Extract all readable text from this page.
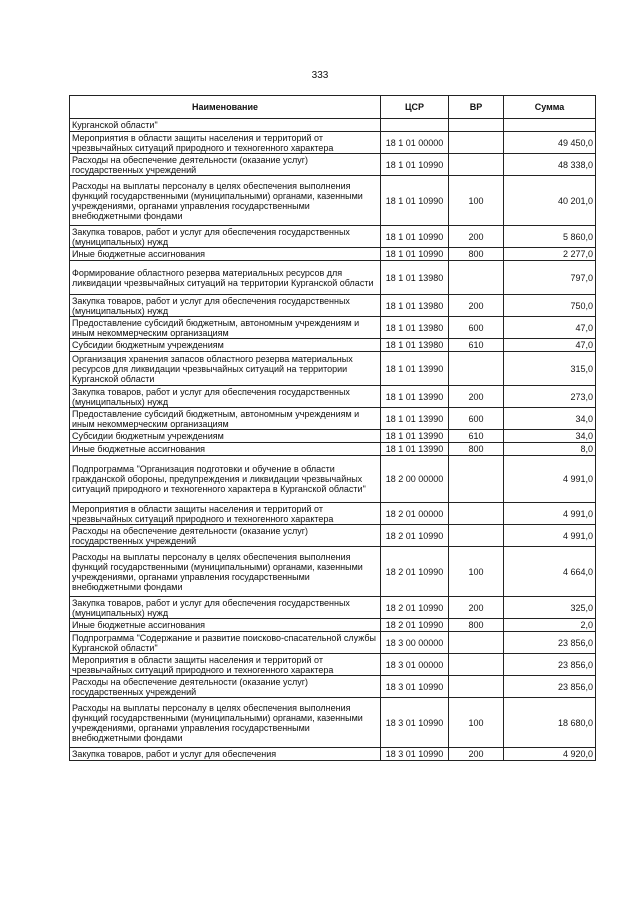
333
Наименование	ЦСР	ВР	Сумма
Курганской области"			
Мероприятия в области защиты населения и территорий от чрезвычайных ситуаций природного и техногенного характера	18 1 01 00000		49 450,0
Расходы на обеспечение деятельности (оказание услуг) государственных учреждений	18 1 01 10990		48 338,0
Расходы на выплаты персоналу в целях обеспечения выполнения функций государственными (муниципальными) органами, казенными учреждениями, органами управления государственными внебюджетными фондами	18 1 01 10990	100	40 201,0
Закупка товаров, работ и услуг для обеспечения государственных (муниципальных) нужд	18 1 01 10990	200	5 860,0
Иные бюджетные ассигнования	18 1 01 10990	800	2 277,0
Формирование областного резерва материальных ресурсов для ликвидации чрезвычайных ситуаций на территории Курганской области	18 1 01 13980		797,0
Закупка товаров, работ и услуг для обеспечения государственных (муниципальных) нужд	18 1 01 13980	200	750,0
Предоставление субсидий бюджетным, автономным учреждениям и иным некоммерческим организациям	18 1 01 13980	600	47,0
Субсидии бюджетным учреждениям	18 1 01 13980	610	47,0
Организация хранения запасов областного резерва материальных ресурсов для ликвидации чрезвычайных ситуаций на территории Курганской области	18 1 01 13990		315,0
Закупка товаров, работ и услуг для обеспечения государственных (муниципальных) нужд	18 1 01 13990	200	273,0
Предоставление субсидий бюджетным, автономным учреждениям и иным некоммерческим организациям	18 1 01 13990	600	34,0
Субсидии бюджетным учреждениям	18 1 01 13990	610	34,0
Иные бюджетные ассигнования	18 1 01 13990	800	8,0
Подпрограмма "Организация подготовки и обучение в области гражданской обороны, предупреждения и ликвидации чрезвычайных ситуаций природного и техногенного характера в Курганской области"	18 2 00 00000		4 991,0
Мероприятия в области защиты населения и территорий от чрезвычайных ситуаций природного и техногенного характера	18 2 01 00000		4 991,0
Расходы на обеспечение деятельности (оказание услуг) государственных учреждений	18 2 01 10990		4 991,0
Расходы на выплаты персоналу в целях обеспечения выполнения функций государственными (муниципальными) органами, казенными учреждениями, органами управления государственными внебюджетными фондами	18 2 01 10990	100	4 664,0
Закупка товаров, работ и услуг для обеспечения государственных (муниципальных) нужд	18 2 01 10990	200	325,0
Иные бюджетные ассигнования	18 2 01 10990	800	2,0
Подпрограмма "Содержание и развитие поисково-спасательной службы Курганской области"	18 3 00 00000		23 856,0
Мероприятия в области защиты населения и территорий от чрезвычайных ситуаций природного и техногенного характера	18 3 01 00000		23 856,0
Расходы на обеспечение деятельности (оказание услуг) государственных учреждений	18 3 01 10990		23 856,0
Расходы на выплаты персоналу в целях обеспечения выполнения функций государственными (муниципальными) органами, казенными учреждениями, органами управления государственными внебюджетными фондами	18 3 01 10990	100	18 680,0
Закупка товаров, работ и услуг для обеспечения	18 3 01 10990	200	4 920,0
